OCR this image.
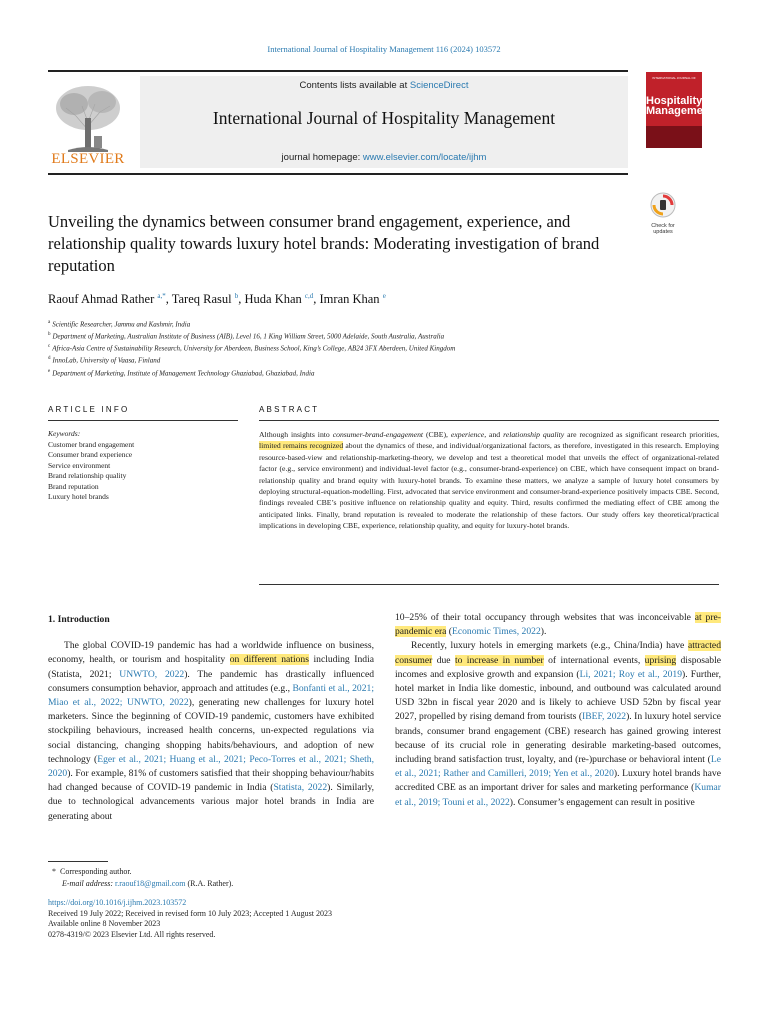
International Journal of Hospitality Management 116 (2024) 103572
ELSEVIER
Contents lists available at ScienceDirect
International Journal of Hospitality Management
journal homepage: www.elsevier.com/locate/ijhm
INTERNATIONAL JOURNAL OF
Hospitality
Management
Check for
updates
Unveiling the dynamics between consumer brand engagement, experience, and relationship quality towards luxury hotel brands: Moderating investigation of brand reputation
Raouf Ahmad Rather $^{a,*}$, Tareq Rasul $^b$, Huda Khan $^{c,d}$, Imran Khan $^e$
$^a$ Scientific Researcher, Jammu and Kashmir, India
$^b$ Department of Marketing, Australian Institute of Business (AIB), Level 16, 1 King William Street, 5000 Adelaide, South Australia, Australia
$^c$ Africa-Asia Centre of Sustainability Research, University for Aberdeen, Business School, King’s College, AB24 3FX Aberdeen, United Kingdom
$^d$ InnoLab, University of Vaasa, Finland
$^e$ Department of Marketing, Institute of Management Technology Ghaziabad, Ghaziabad, India
ARTICLE INFO	ABSTRACT
Keywords:
Customer brand engagement
Consumer brand experience
Service environment
Brand relationship quality
Brand reputation
Luxury hotel brands
Although insights into consumer-brand-engagement (CBE), experience, and relationship quality are recognized as significant research priorities, limited remains recognized about the dynamics of these, and individual/organizational factors, as therefore, investigated in this research. Employing resource-based-view and relationship-marketing-theory, we develop and test a theoretical model that unveils the effect of organizational-related factor (e.g., service environment) and individual-level factor (e.g., consumer-brand-experience) on CBE, which have consequent impact on brand-relationship quality and brand equity with luxury-hotel brands. To examine these matters, we analyze a sample of luxury hotel consumers by deploying structural-equation-modelling. First, advocated that service environment and consumer-brand-experience positively impacts CBE. Second, findings revealed CBE’s positive influence on relationship quality and equity. Third, results confirmed the mediating effect of CBE among the anticipated links. Finally, brand reputation is revealed to moderate the relationship of these factors. Our study offers key theoretical/practical implications in developing CBE, experience, relationship quality, and equity for luxury-hotel brands.
1. Introduction

The global COVID-19 pandemic has had a worldwide influence on business, economy, health, or tourism and hospitality on different nations including India (Statista, 2021; UNWTO, 2022). The pandemic has drastically influenced consumers consumption behavior, approach and attitudes (e.g., Bonfanti et al., 2021; Miao et al., 2022; UNWTO, 2022), generating new challenges for luxury hotel marketers. Since the beginning of COVID-19 pandemic, customers have exhibited stockpiling behaviours, increased health concerns, un-expected regulations via social distancing, changing shopping habits/behaviours, and adoption of new technology (Eger et al., 2021; Huang et al., 2021; Peco-Torres et al., 2021; Sheth, 2020). For example, 81% of customers satisfied that their shopping behaviour/habits had changed because of COVID-19 pandemic in India (Statista, 2022). Similarly, due to technological advancements various major hotel brands in India are generating about

10–25% of their total occupancy through websites that was inconceivable at pre-pandemic era (Economic Times, 2022).

Recently, luxury hotels in emerging markets (e.g., China/India) have attracted consumer due to increase in number of international events, uprising disposable incomes and explosive growth and expansion (Li, 2021; Roy et al., 2019). Further, hotel market in India like domestic, inbound, and outbound was calculated around USD 32bn in fiscal year 2020 and is likely to achieve USD 52bn by fiscal year 2027, propelled by rising demand from tourists (IBEF, 2022). In luxury hotel service brands, consumer brand engagement (CBE) research has gained growing interest because of its crucial role in generating desirable marketing-based outcomes, including brand satisfaction trust, loyalty, and (re-)purchase or behavioral intent (Le et al., 2021; Rather and Camilleri, 2019; Yen et al., 2020). Luxury hotel brands have accredited CBE as an important driver for sales and marketing performance (Kumar et al., 2019; Touni et al., 2022). Consumer’s engagement can result in positive

*  Corresponding author.
E-mail address: r.raouf18@gmail.com (R.A. Rather).
https://doi.org/10.1016/j.ijhm.2023.103572
Received 19 July 2022; Received in revised form 10 July 2023; Accepted 1 August 2023
Available online 8 November 2023
0278-4319/© 2023 Elsevier Ltd. All rights reserved.
